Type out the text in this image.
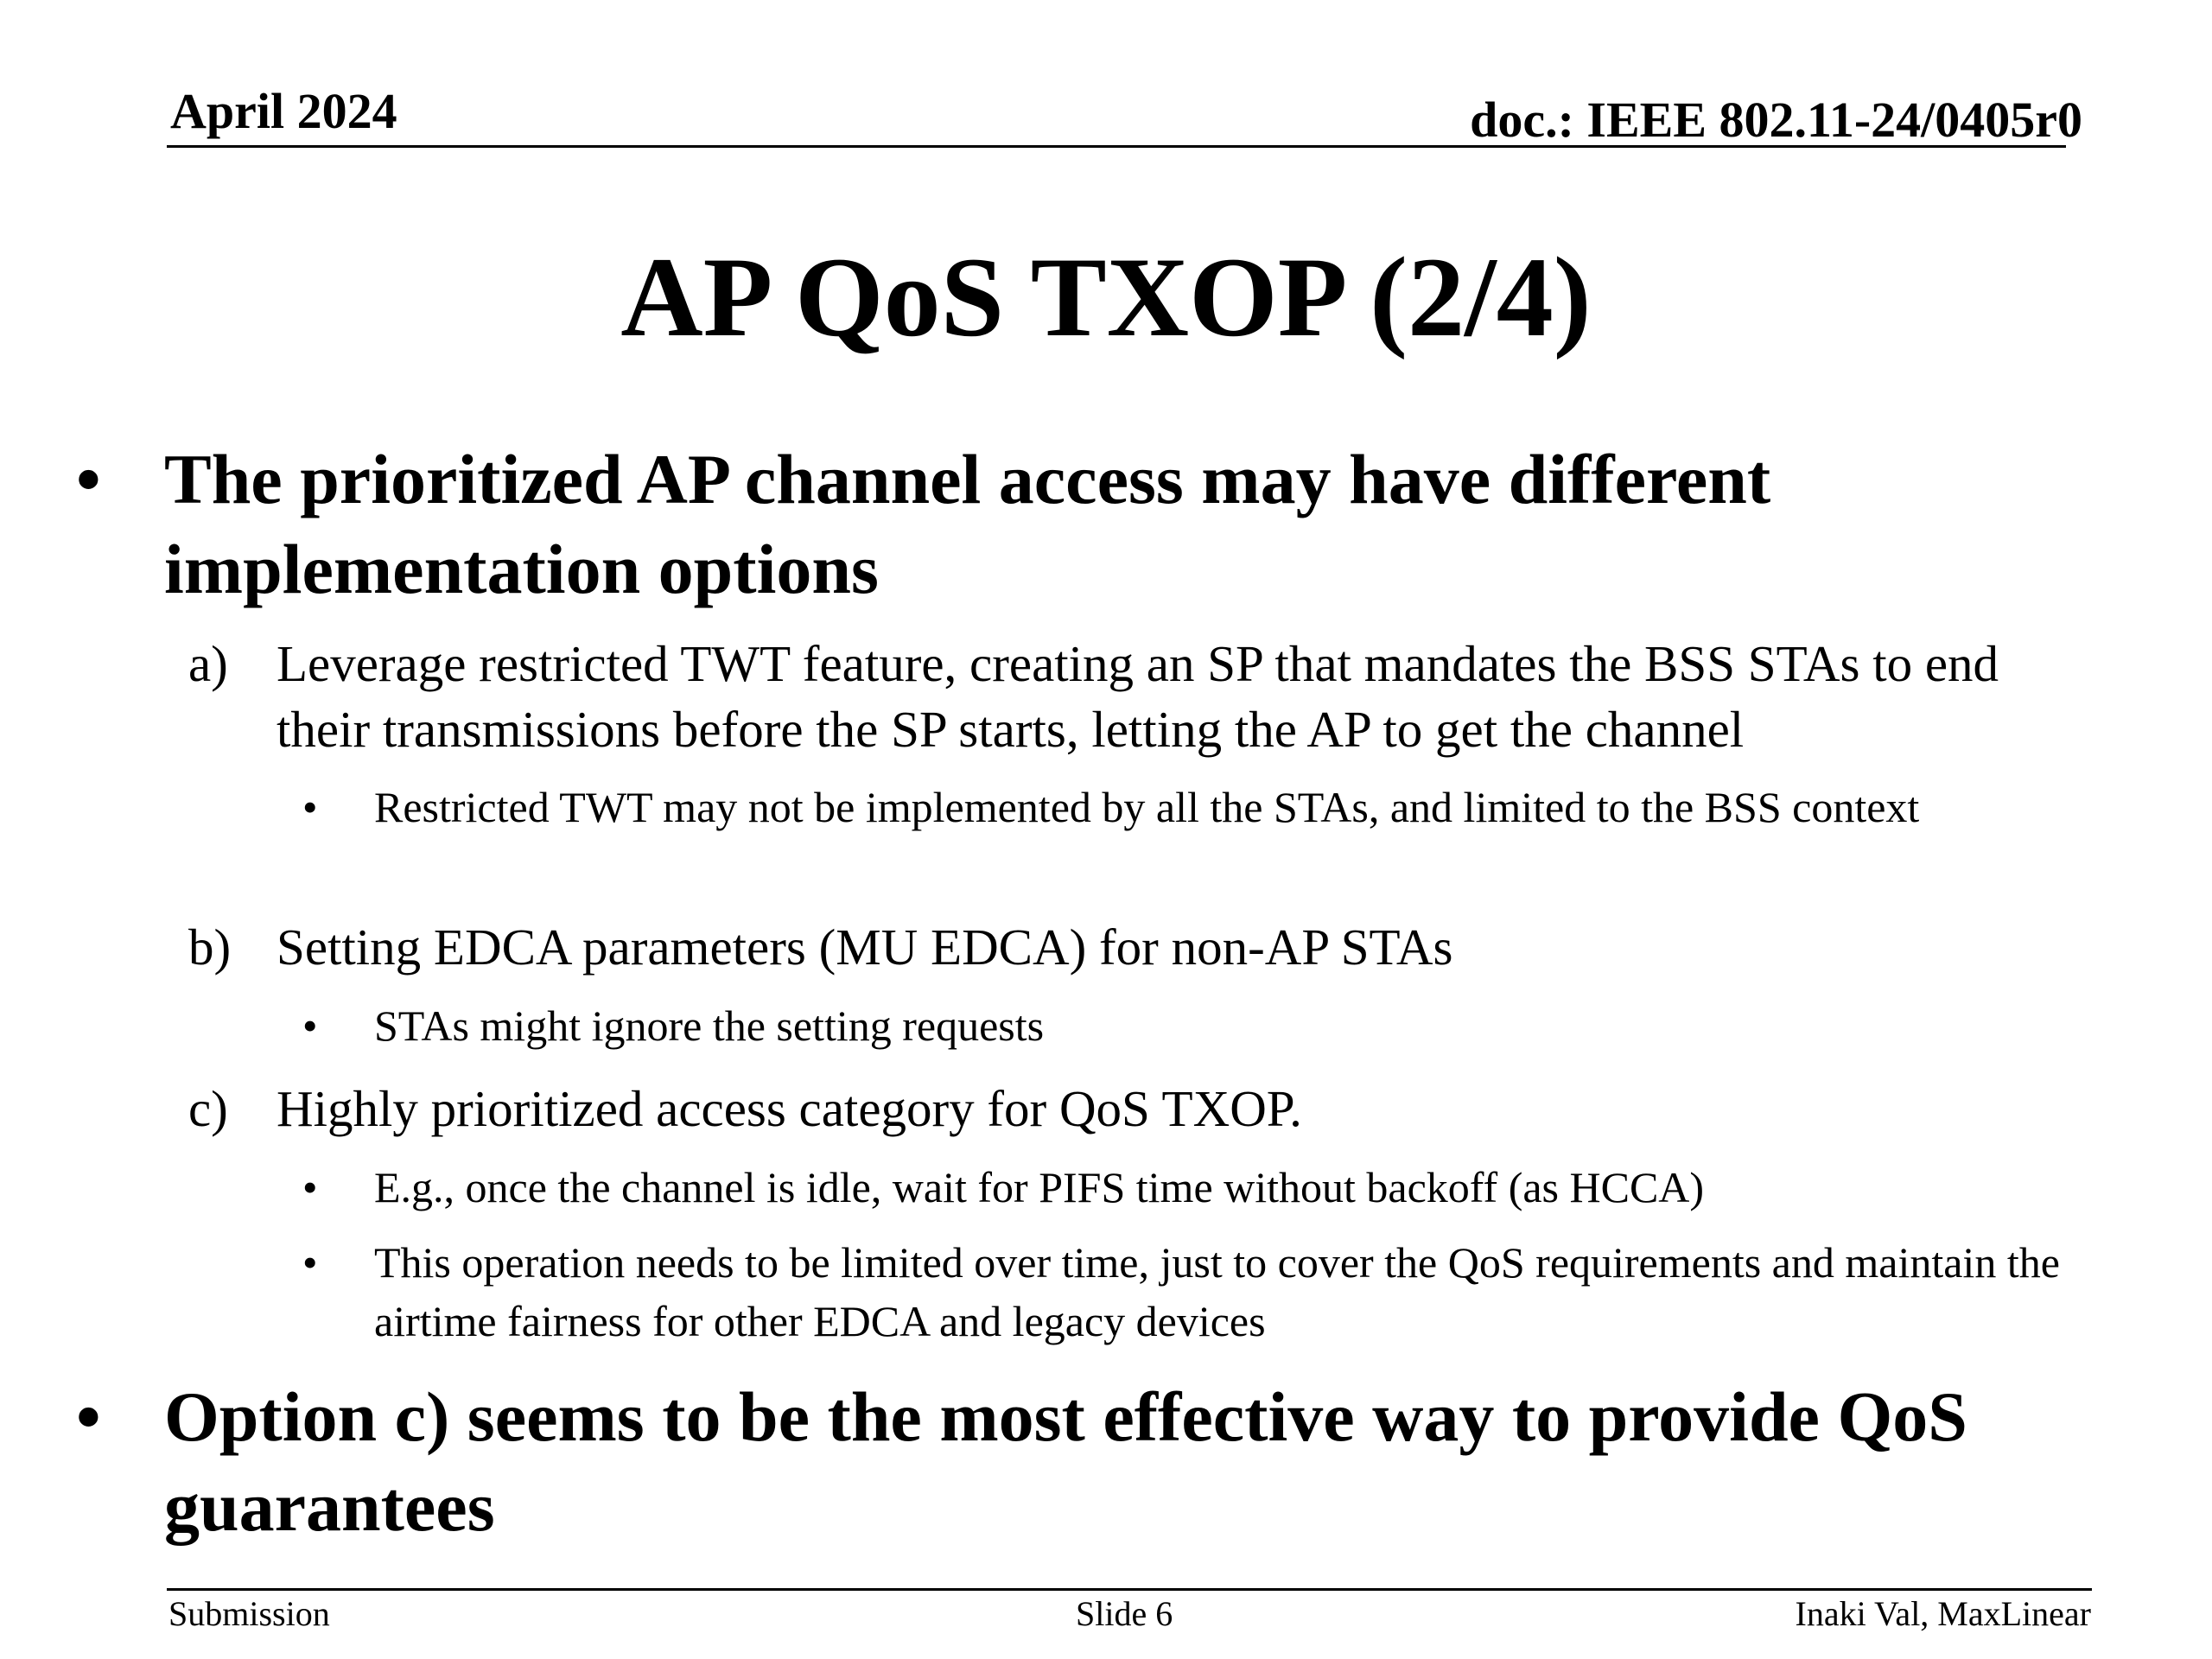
April 2024	doc.: IEEE 802.11-24/0405r0
AP QoS TXOP (2/4)
• The prioritized AP channel access may have different implementation options
a) Leverage restricted TWT feature, creating an SP that mandates the BSS STAs to end their transmissions before the SP starts, letting the AP to get the channel
• Restricted TWT may not be implemented by all the STAs, and limited to the BSS context
b) Setting EDCA parameters (MU EDCA) for non-AP STAs
• STAs might ignore the setting requests
c) Highly prioritized access category for QoS TXOP.
• E.g., once the channel is idle, wait for PIFS time without backoff (as HCCA)
• This operation needs to be limited over time, just to cover the QoS requirements and maintain the airtime fairness for other EDCA and legacy devices
• Option c) seems to be the most effective way to provide QoS guarantees
Submission	Slide 6	Inaki Val, MaxLinear
